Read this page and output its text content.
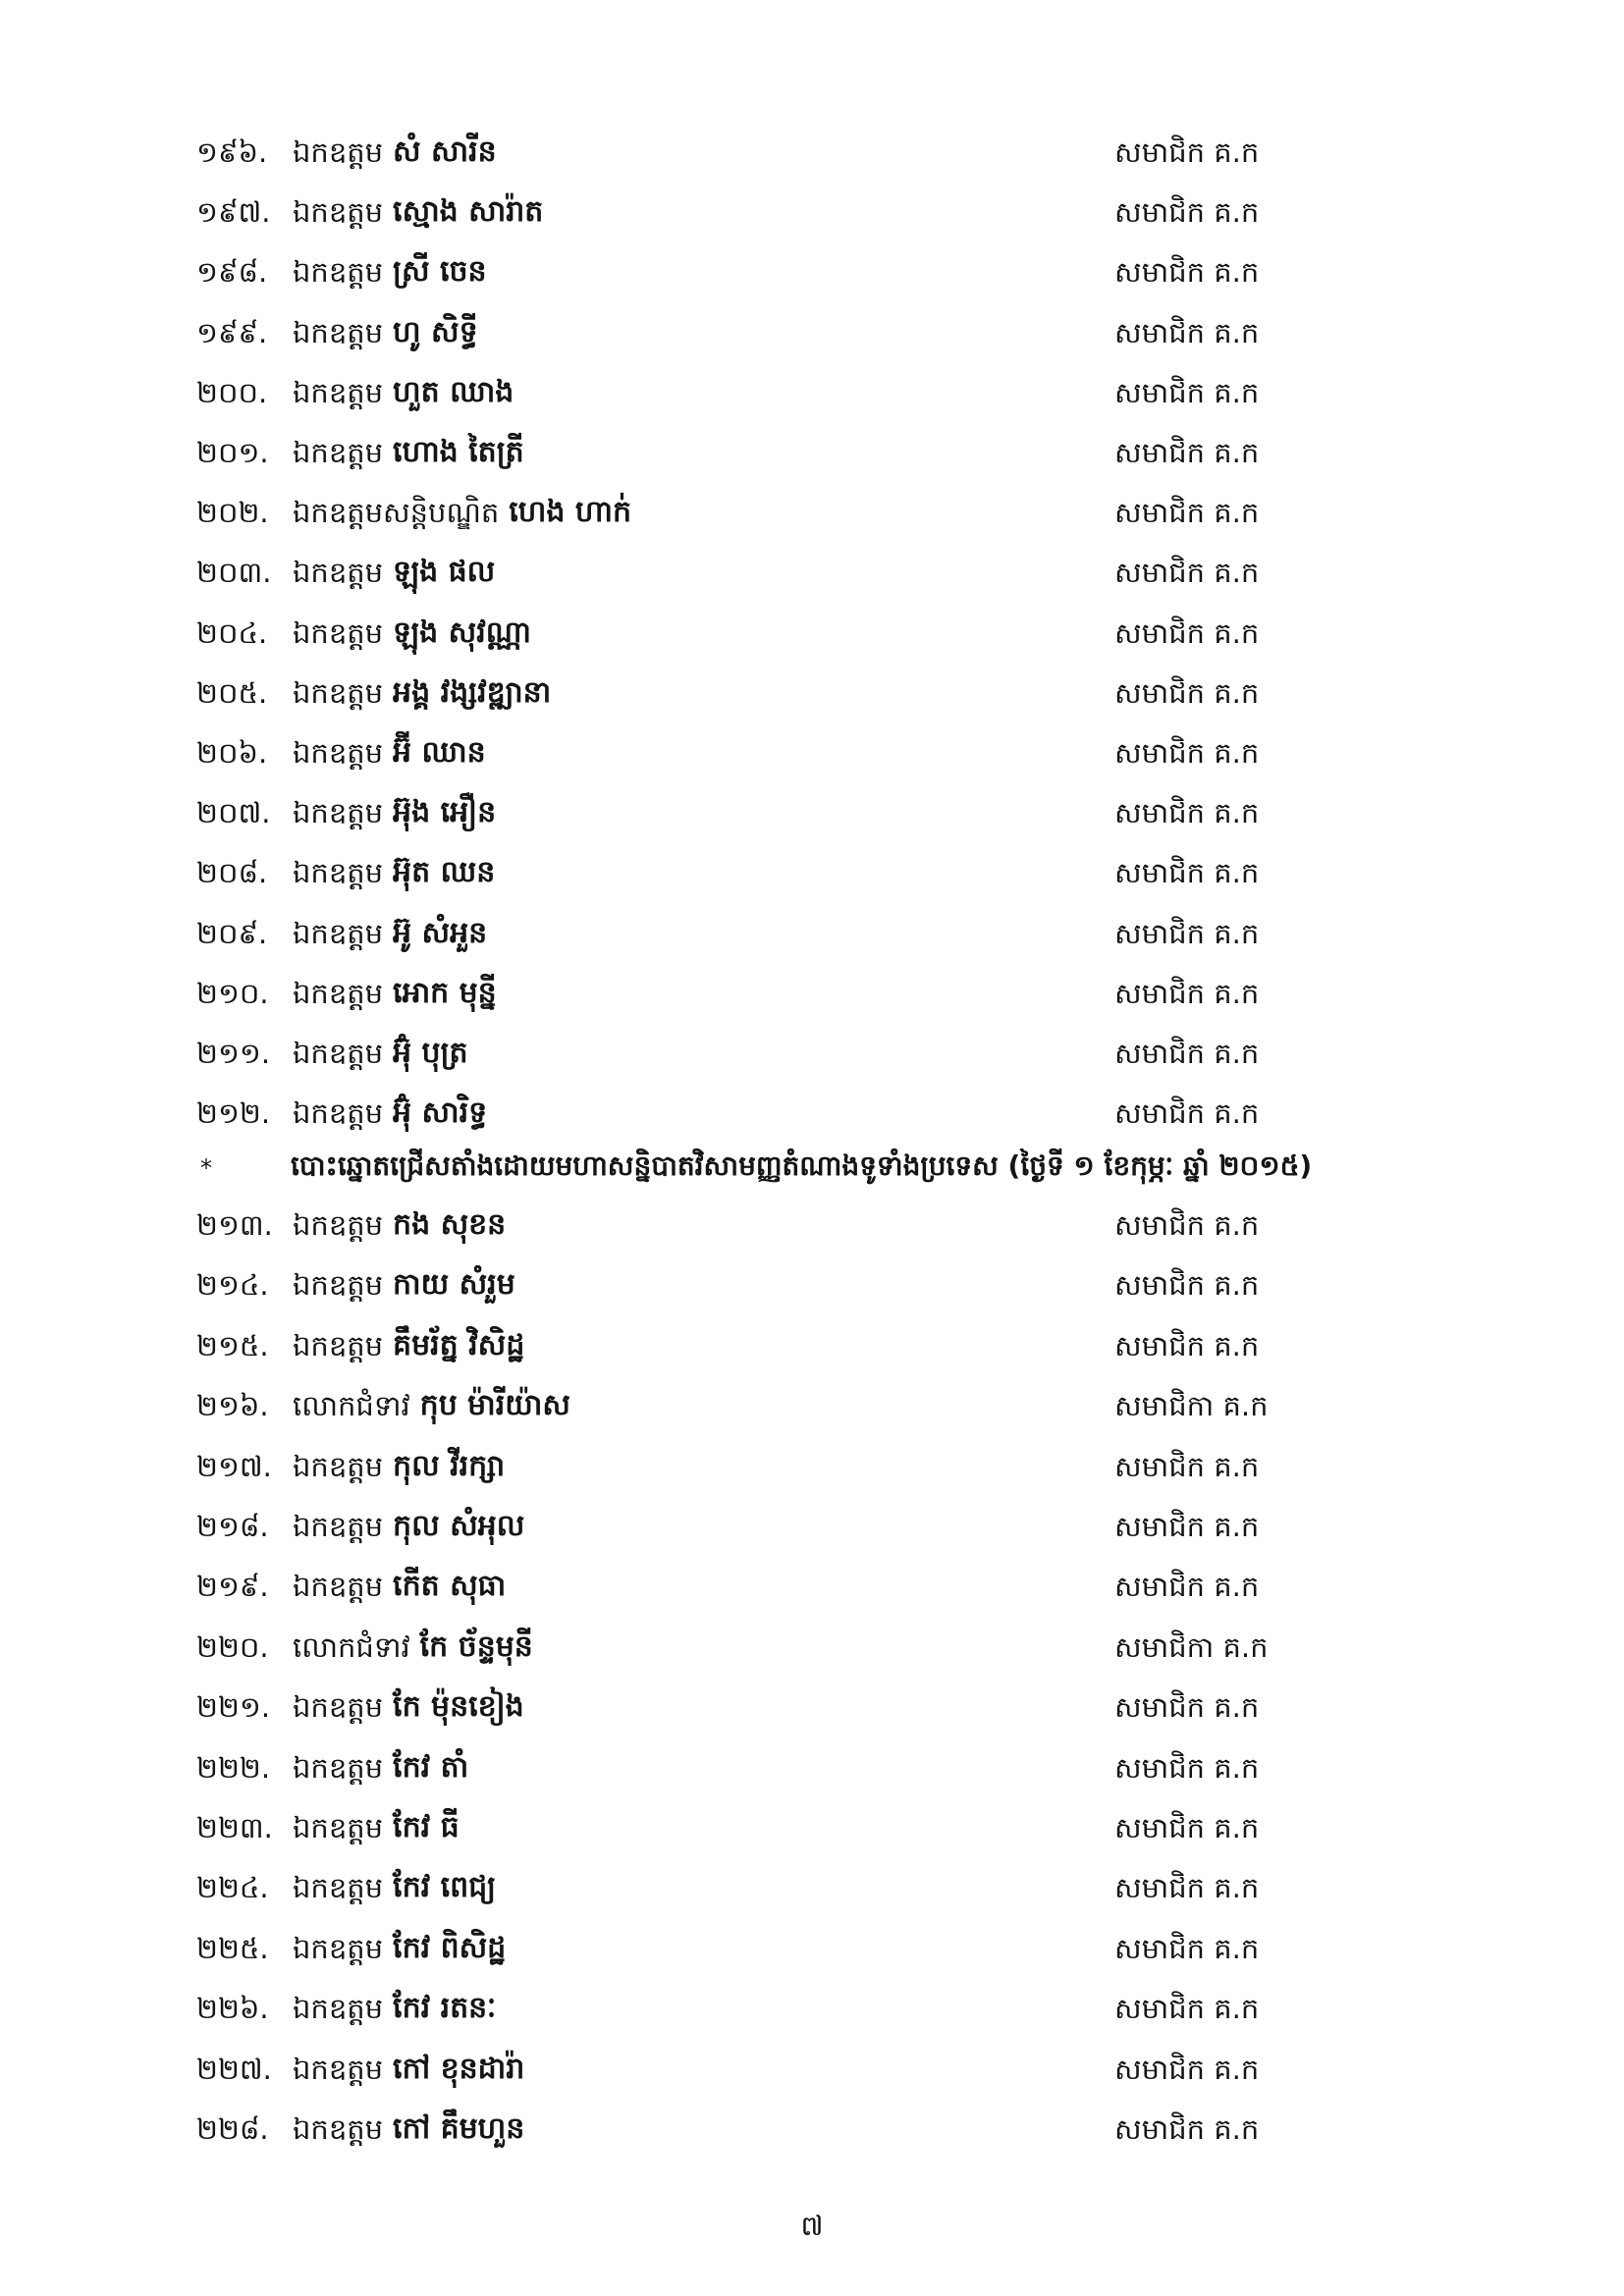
១៩៦. ឯកឧត្តម សំ សារីន	សមាជិក គ.ក
១៩៧. ឯកឧត្តម ស្មោង សារ៉ាត	សមាជិក គ.ក
១៩៨. ឯកឧត្តម ស្រី ចេន	សមាជិក គ.ក
១៩៩. ឯកឧត្តម ហូ សិទ្ធី	សមាជិក គ.ក
២០០. ឯកឧត្តម ហួត ឈាង	សមាជិក គ.ក
២០១. ឯកឧត្តម ហោង តៃត្រី	សមាជិក គ.ក
២០២. ឯកឧត្តមសន្តិបណ្ឌិត ហេង ហាក់	សមាជិក គ.ក
២០៣. ឯកឧត្តម ឡុង ផល	សមាជិក គ.ក
២០៤. ឯកឧត្តម ឡុង សុវណ្ណា	សមាជិក គ.ក
២០៥. ឯកឧត្តម អង្គ វង្សវឌ្ឍានា	សមាជិក គ.ក
២០៦. ឯកឧត្តម អ៊ី ឈាន	សមាជិក គ.ក
២០៧. ឯកឧត្តម អ៊ុង អឿន	សមាជិក គ.ក
២០៨. ឯកឧត្តម អ៊ុត ឈន	សមាជិក គ.ក
២០៩. ឯកឧត្តម អ៊ូ សំអួន	សមាជិក គ.ក
២១០. ឯកឧត្តម អោក មុន្នី	សមាជិក គ.ក
២១១. ឯកឧត្តម អ៊ុំ បុត្រ	សមាជិក គ.ក
២១២. ឯកឧត្តម អ៊ុំ សារិទ្ធ	សមាជិក គ.ក
*	បោះឆ្នោតជ្រើសតាំងដោយមហាសន្និបាតវិសាមញ្ញតំណាងទូទាំងប្រទេស (ថ្ងៃទី ១ ខែកុម្ភៈ ឆ្នាំ ២០១៥)
២១៣. ឯកឧត្តម កង សុខន	សមាជិក គ.ក
២១៤. ឯកឧត្តម កាយ សំរួម	សមាជិក គ.ក
២១៥. ឯកឧត្តម គឹមរ័ត្ន វិសិដ្ឋ	សមាជិក គ.ក
២១៦. លោកជំទាវ កុប ម៉ារីយ៉ាស	សមាជិកា គ.ក
២១៧. ឯកឧត្តម កុល វីរក្សា	សមាជិក គ.ក
២១៨. ឯកឧត្តម កុល សំអុល	សមាជិក គ.ក
២១៩. ឯកឧត្តម កើត សុធា	សមាជិក គ.ក
២២០. លោកជំទាវ កែ ច័ន្ទមុនី	សមាជិកា គ.ក
២២១. ឯកឧត្តម កែ ម៉ុនខៀង	សមាជិក គ.ក
២២២. ឯកឧត្តម កែវ តាំ	សមាជិក គ.ក
២២៣. ឯកឧត្តម កែវ ធី	សមាជិក គ.ក
២២៤. ឯកឧត្តម កែវ ពេជ្យ	សមាជិក គ.ក
២២៥. ឯកឧត្តម កែវ ពិសិដ្ឋ	សមាជិក គ.ក
២២៦. ឯកឧត្តម កែវ រតនៈ	សមាជិក គ.ក
២២៧. ឯកឧត្តម កៅ ខុនដារ៉ា	សមាជិក គ.ក
២២៨. ឯកឧត្តម កៅ គឹមហួន	សមាជិក គ.ក
៧
